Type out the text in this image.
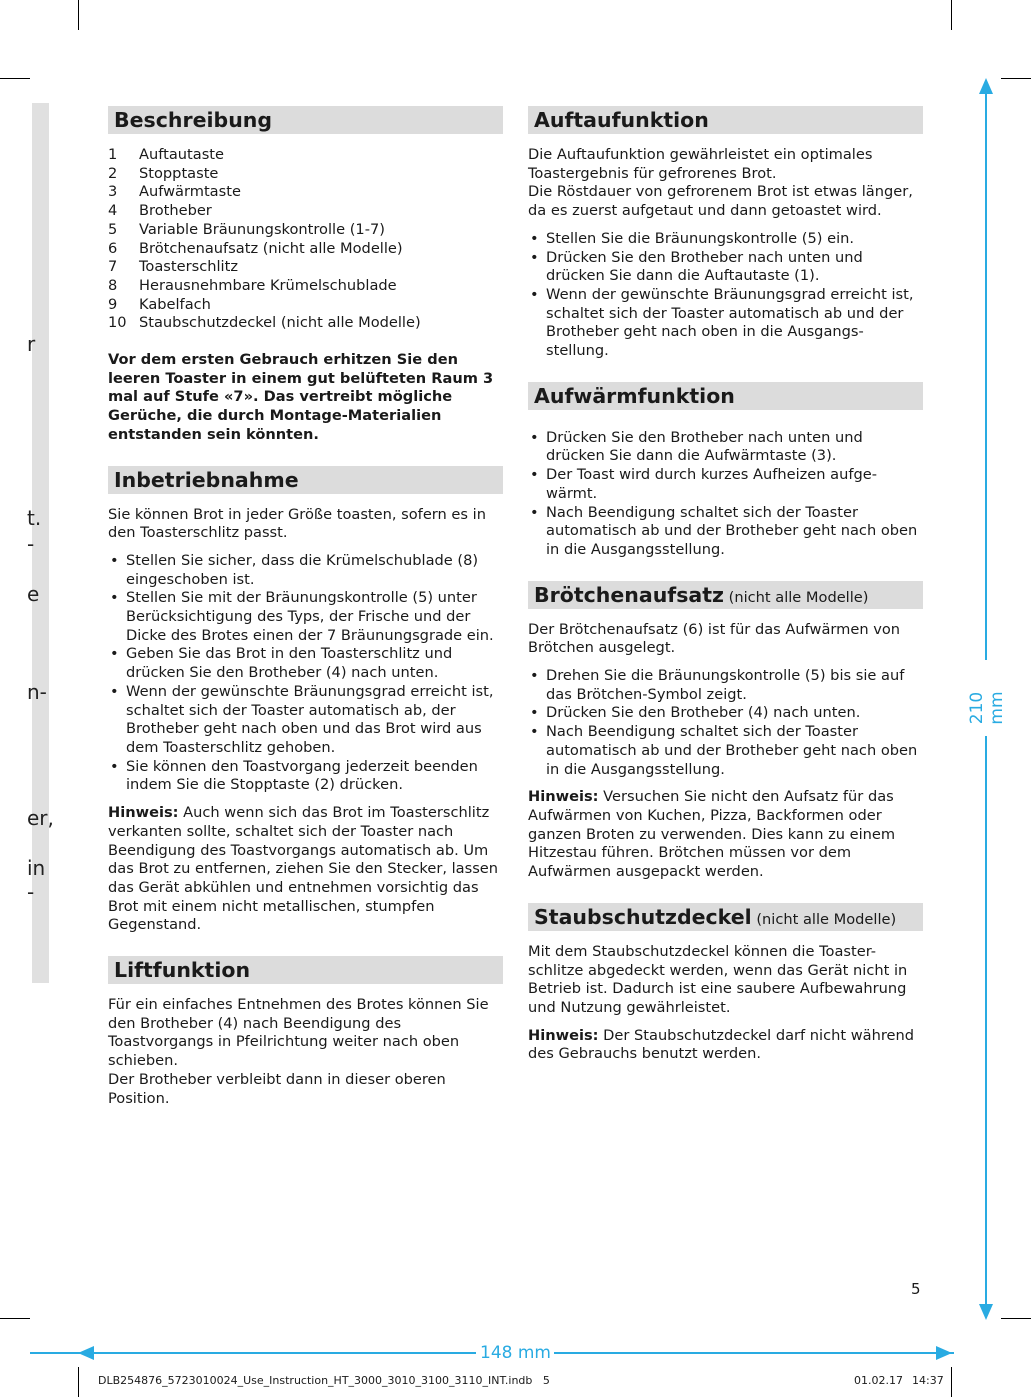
r
t.
-
e
n-
er,
in
-
Beschreibung
1	Auftautaste
2	Stopptaste
3	Aufwärmtaste
4	Brotheber
5	Variable Bräunungskontrolle (1-7)
6	Brötchenaufsatz (nicht alle Modelle)
7	Toasterschlitz
8	Herausnehmbare Krümelschublade
9	Kabelfach
10 Staubschutzdeckel (nicht alle Modelle)

Vor dem ersten Gebrauch erhitzen Sie den leeren Toaster in einem gut belüfteten Raum 3 mal auf Stufe «7». Das vertreibt mögliche Gerüche, die durch Montage-Materialien entstanden sein könnten.

Inbetriebnahme

Sie können Brot in jeder Größe toasten, sofern es in den Toasterschlitz passt.

• Stellen Sie sicher, dass die Krümelschublade (8) eingeschoben ist.
• Stellen Sie mit der Bräunungskontrolle (5) unter Berücksichtigung des Typs, der Frische und der Dicke des Brotes einen der 7 Bräunungsgrade ein.
• Geben Sie das Brot in den Toasterschlitz und drücken Sie den Brotheber (4) nach unten.
• Wenn der gewünschte Bräunungsgrad erreicht ist, schaltet sich der Toaster automatisch ab, der Brotheber geht nach oben und das Brot wird aus dem Toasterschlitz gehoben.
• Sie können den Toastvorgang jederzeit beenden indem Sie die Stopptaste (2) drücken.

Hinweis: Auch wenn sich das Brot im Toasterschlitz verkanten sollte, schaltet sich der Toaster nach Beendigung des Toastvorgangs automatisch ab. Um das Brot zu entfernen, ziehen Sie den Stecker, lassen das Gerät abkühlen und entnehmen vorsichtig das Brot mit einem nicht metallischen, stumpfen Gegenstand.

Liftfunktion

Für ein einfaches Entnehmen des Brotes können Sie den Brotheber (4) nach Beendigung des Toastvorgangs in Pfeilrichtung weiter nach oben schieben.

Der Brotheber verbleibt dann in dieser oberen Position.

Auftaufunktion

Die Auftaufunktion gewährleistet ein optimales Toastergebnis für gefrorenes Brot.

Die Röstdauer von gefrorenem Brot ist etwas länger, da es zuerst aufgetaut und dann getoastet wird.

• Stellen Sie die Bräunungskontrolle (5) ein.
• Drücken Sie den Brotheber nach unten und drücken Sie dann die Auftautaste (1).
• Wenn der gewünschte Bräunungsgrad erreicht ist, schaltet sich der Toaster automatisch ab und der Brotheber geht nach oben in die Ausgangs-stellung.
Aufwärmfunktion
• Drücken Sie den Brotheber nach unten und drücken Sie dann die Aufwärmtaste (3).
• Der Toast wird durch kurzes Aufheizen aufge-wärmt.
• Nach Beendigung schaltet sich der Toaster automatisch ab und der Brotheber geht nach oben in die Ausgangsstellung.
Brötchenaufsatz (nicht alle Modelle)

Der Brötchenaufsatz (6) ist für das Aufwärmen von Brötchen ausgelegt.

• Drehen Sie die Bräunungskontrolle (5) bis sie auf das Brötchen-Symbol zeigt.
• Drücken Sie den Brotheber (4) nach unten.
• Nach Beendigung schaltet sich der Toaster automatisch ab und der Brotheber geht nach oben in die Ausgangsstellung.

Hinweis: Versuchen Sie nicht den Aufsatz für das Aufwärmen von Kuchen, Pizza, Backformen oder ganzen Broten zu verwenden. Dies kann zu einem Hitzestau führen. Brötchen müssen vor dem Aufwärmen ausgepackt werden.

Staubschutzdeckel (nicht alle Modelle)

Mit dem Staubschutzdeckel können die Toaster-schlitze abgedeckt werden, wenn das Gerät nicht in Betrieb ist. Dadurch ist eine saubere Aufbewahrung und Nutzung gewährleistet.

Hinweis: Der Staubschutzdeckel darf nicht während des Gebrauchs benutzt werden.

5
210 mm
148 mm
DLB254876_5723010024_Use_Instruction_HT_3000_3010_3100_3110_INT.indb   5	01.02.17 14:37
